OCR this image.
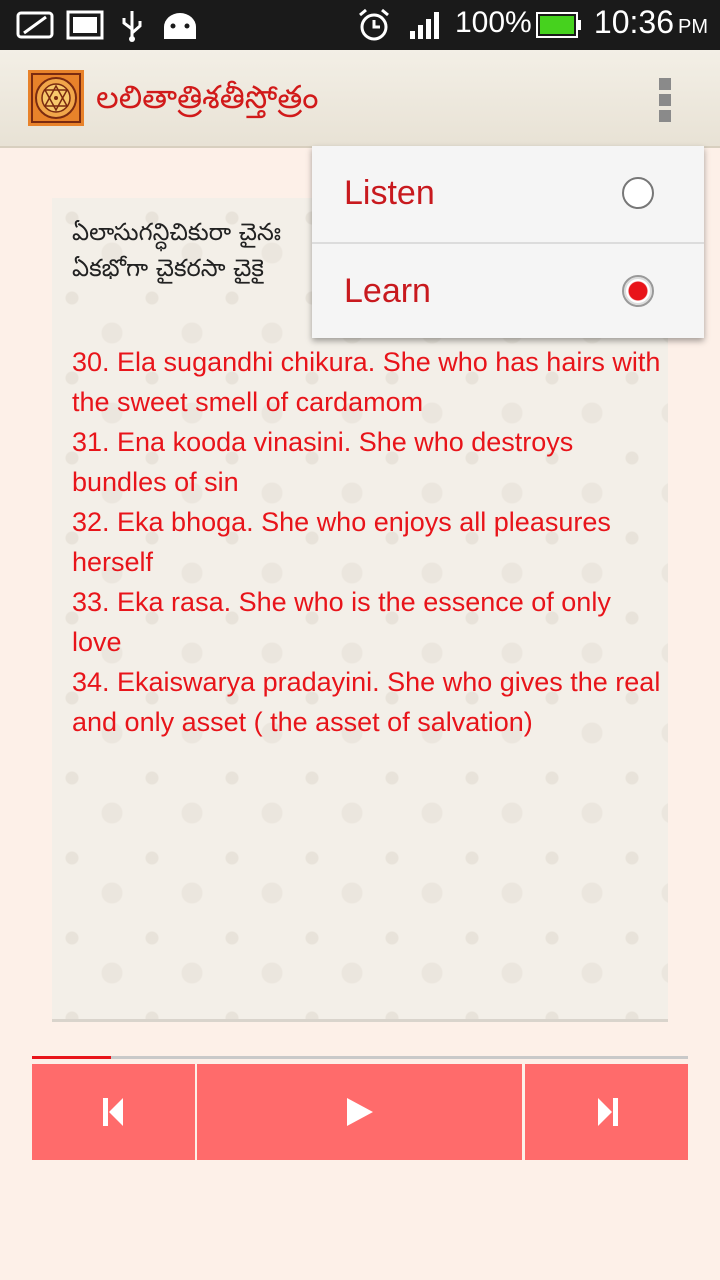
100% 10:36 PM
లలితాత్రిశతీస్తోత్రం
ఏలాసుగన్ధిచికురా చైనః
ఏకభోగా చైకరసా చైకై
30. Ela sugandhi chikura. She who has hairs with the sweet smell of cardamom
31. Ena kooda vinasini. She who destroys bundles of sin
32. Eka bhoga. She who enjoys all pleasures herself
33. Eka rasa. She who is the essence of only love
34. Ekaiswarya pradayini. She who gives the real and only asset ( the asset of salvation)
Listen
Learn
